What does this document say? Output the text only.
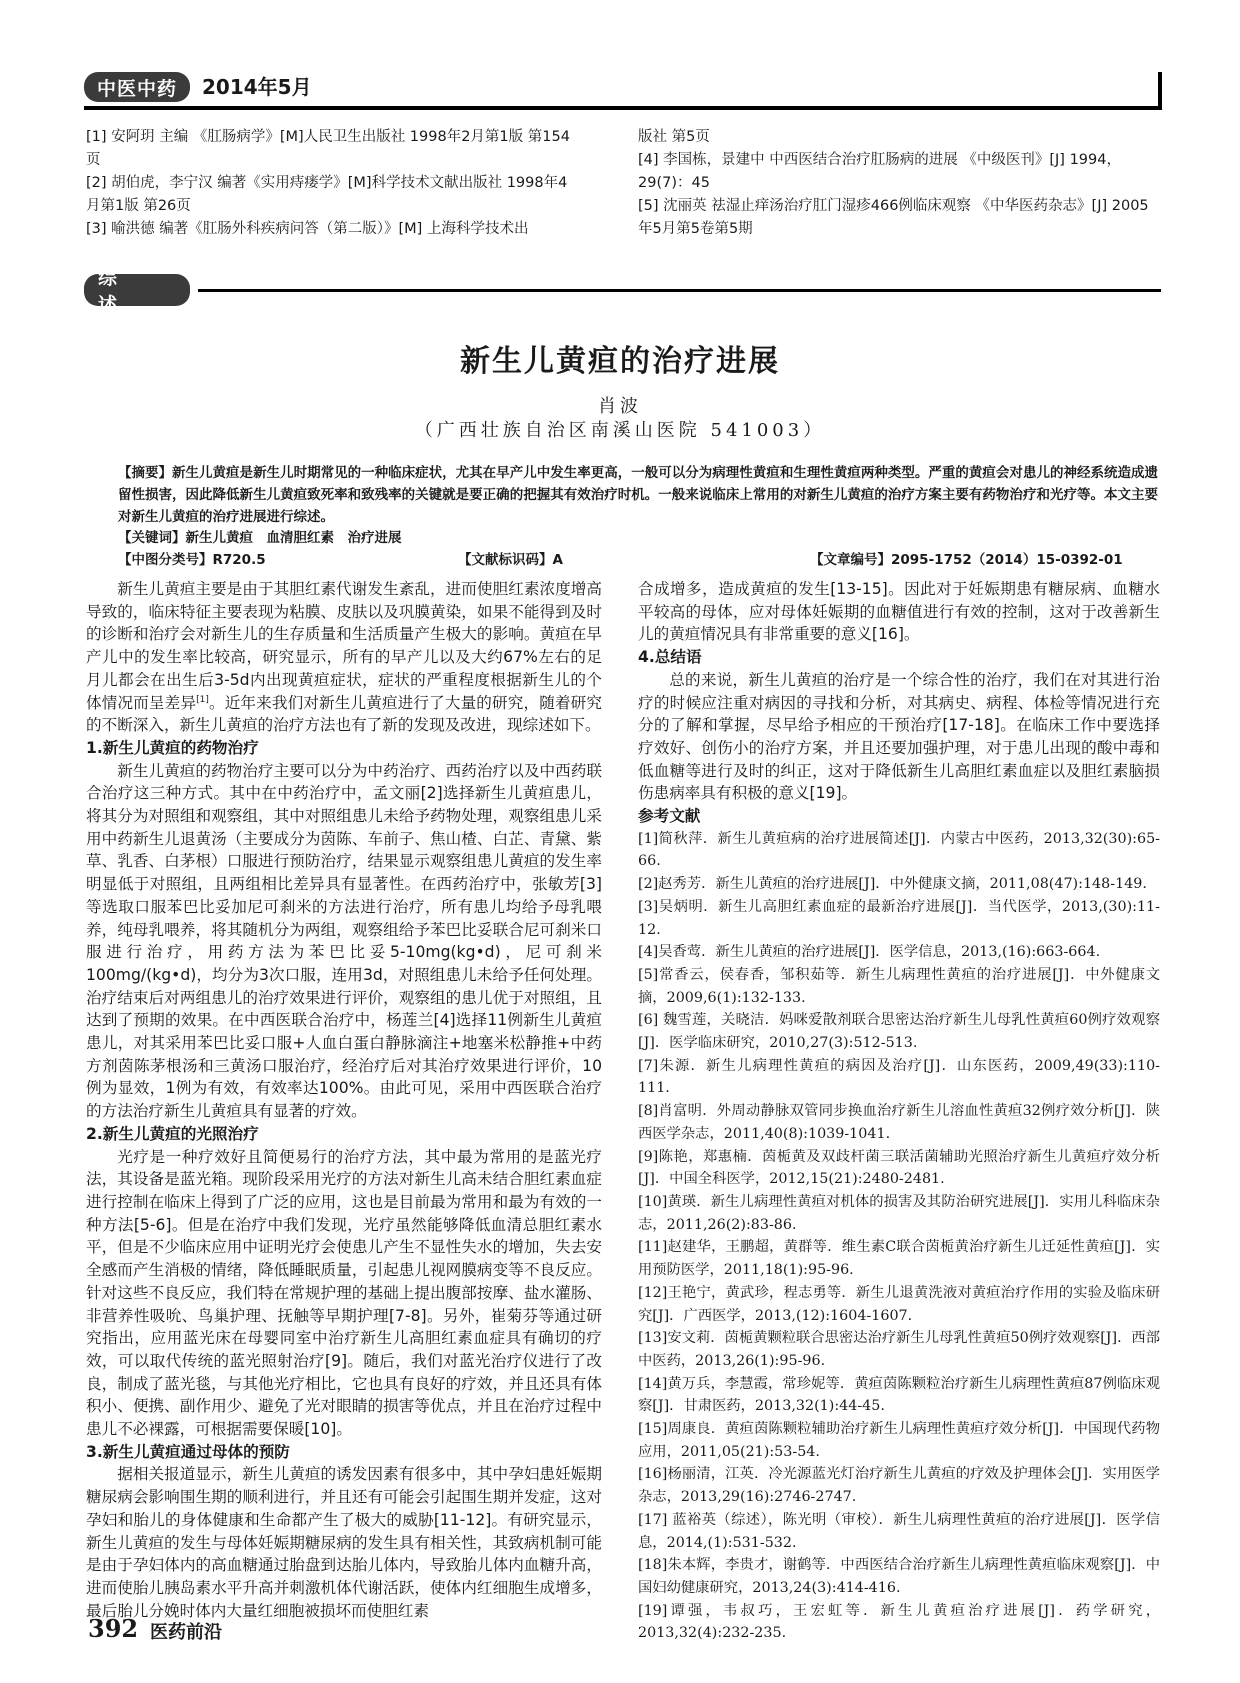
中医中药	2014年5月
[1] 安阿玥 主编 《肛肠病学》[M]人民卫生出版社 1998年2月第1版 第154页
[2] 胡伯虎，李宁汉 编著《实用痔瘘学》[M]科学技术文献出版社 1998年4月第1版 第26页
[3] 喻洪德 编著《肛肠外科疾病问答（第二版）》[M] 上海科学技术出
版社 第5页
[4] 李国栋，景建中 中西医结合治疗肛肠病的进展 《中级医刊》[J] 1994，29(7)：45
[5] 沈丽英 祛湿止痒汤治疗肛门湿疹466例临床观察 《中华医药杂志》[J] 2005年5月第5卷第5期
综述
新生儿黄疸的治疗进展
肖波
（广西壮族自治区南溪山医院 541003）
【摘要】新生儿黄疸是新生儿时期常见的一种临床症状，尤其在早产儿中发生率更高，一般可以分为病理性黄疸和生理性黄疸两种类型。严重的黄疸会对患儿的神经系统造成遗留性损害，因此降低新生儿黄疸致死率和致残率的关键就是要正确的把握其有效治疗时机。一般来说临床上常用的对新生儿黄疸的治疗方案主要有药物治疗和光疗等。本文主要对新生儿黄疸的治疗进展进行综述。
【关键词】新生儿黄疸　血清胆红素　治疗进展
【中图分类号】R720.5	【文献标识码】A	【文章编号】2095-1752（2014）15-0392-01

新生儿黄疸主要是由于其胆红素代谢发生紊乱，进而使胆红素浓度增高导致的，临床特征主要表现为粘膜、皮肤以及巩膜黄染，如果不能得到及时的诊断和治疗会对新生儿的生存质量和生活质量产生极大的影响。黄疸在早产儿中的发生率比较高，研究显示，所有的早产儿以及大约67%左右的足月儿都会在出生后3-5d内出现黄疸症状，症状的严重程度根据新生儿的个体情况而呈差异[1]。近年来我们对新生儿黄疸进行了大量的研究，随着研究的不断深入，新生儿黄疸的治疗方法也有了新的发现及改进，现综述如下。

1.新生儿黄疸的药物治疗

新生儿黄疸的药物治疗主要可以分为中药治疗、西药治疗以及中西药联合治疗这三种方式。其中在中药治疗中，孟文丽[2]选择新生儿黄疸患儿，将其分为对照组和观察组，其中对照组患儿未给予药物处理，观察组患儿采用中药新生儿退黄汤（主要成分为茵陈、车前子、焦山楂、白芷、青黛、紫草、乳香、白茅根）口服进行预防治疗，结果显示观察组患儿黄疸的发生率明显低于对照组，且两组相比差异具有显著性。在西药治疗中，张敏芳[3]等选取口服苯巴比妥加尼可刹米的方法进行治疗，所有患儿均给予母乳喂养，纯母乳喂养，将其随机分为两组，观察组给予苯巴比妥联合尼可刹米口服进行治疗，用药方法为苯巴比妥5-10mg(kg•d)，尼可刹米100mg/(kg•d)，均分为3次口服，连用3d，对照组患儿未给予任何处理。治疗结束后对两组患儿的治疗效果进行评价，观察组的患儿优于对照组，且达到了预期的效果。在中西医联合治疗中，杨莲兰[4]选择11例新生儿黄疸患儿，对其采用苯巴比妥口服+人血白蛋白静脉滴注+地塞米松静推+中药方剂茵陈茅根汤和三黄汤口服治疗，经治疗后对其治疗效果进行评价，10例为显效，1例为有效，有效率达100%。由此可见，采用中西医联合治疗的方法治疗新生儿黄疸具有显著的疗效。

2.新生儿黄疸的光照治疗

光疗是一种疗效好且简便易行的治疗方法，其中最为常用的是蓝光疗法，其设备是蓝光箱。现阶段采用光疗的方法对新生儿高未结合胆红素血症进行控制在临床上得到了广泛的应用，这也是目前最为常用和最为有效的一种方法[5-6]。但是在治疗中我们发现，光疗虽然能够降低血清总胆红素水平，但是不少临床应用中证明光疗会使患儿产生不显性失水的增加，失去安全感而产生消极的情绪，降低睡眠质量，引起患儿视网膜病变等不良反应。针对这些不良反应，我们特在常规护理的基础上提出腹部按摩、盐水灌肠、非营养性吸吮、鸟巢护理、抚触等早期护理[7-8]。另外，崔菊芬等通过研究指出，应用蓝光床在母婴同室中治疗新生儿高胆红素血症具有确切的疗效，可以取代传统的蓝光照射治疗[9]。随后，我们对蓝光治疗仪进行了改良，制成了蓝光毯，与其他光疗相比，它也具有良好的疗效，并且还具有体积小、便携、副作用少、避免了光对眼睛的损害等优点，并且在治疗过程中患儿不必裸露，可根据需要保暖[10]。

3.新生儿黄疸通过母体的预防

据相关报道显示，新生儿黄疸的诱发因素有很多中，其中孕妇患妊娠期糖尿病会影响围生期的顺利进行，并且还有可能会引起围生期并发症，这对孕妇和胎儿的身体健康和生命都产生了极大的威胁[11-12]。有研究显示，新生儿黄疸的发生与母体妊娠期糖尿病的发生具有相关性，其致病机制可能是由于孕妇体内的高血糖通过胎盘到达胎儿体内，导致胎儿体内血糖升高，进而使胎儿胰岛素水平升高并刺激机体代谢活跃，使体内红细胞生成增多，最后胎儿分娩时体内大量红细胞被损坏而使胆红素

合成增多，造成黄疸的发生[13-15]。因此对于妊娠期患有糖尿病、血糖水平较高的母体，应对母体妊娠期的血糖值进行有效的控制，这对于改善新生儿的黄疸情况具有非常重要的意义[16]。

4.总结语

总的来说，新生儿黄疸的治疗是一个综合性的治疗，我们在对其进行治疗的时候应注重对病因的寻找和分析，对其病史、病程、体检等情况进行充分的了解和掌握，尽早给予相应的干预治疗[17-18]。在临床工作中要选择疗效好、创伤小的治疗方案，并且还要加强护理，对于患儿出现的酸中毒和低血糖等进行及时的纠正，这对于降低新生儿高胆红素血症以及胆红素脑损伤患病率具有积极的意义[19]。

参考文献
[1]简秋萍．新生儿黄疸病的治疗进展简述[J]．内蒙古中医药，2013,32(30):65-66.
[2]赵秀芳．新生儿黄疸的治疗进展[J]．中外健康文摘，2011,08(47):148-149.
[3]吴炳明．新生儿高胆红素血症的最新治疗进展[J]．当代医学，2013,(30):11-12.
[4]吴香莺．新生儿黄疸的治疗进展[J]．医学信息，2013,(16):663-664.
[5]常香云，侯春香，邹积茹等．新生儿病理性黄疸的治疗进展[J]．中外健康文摘，2009,6(1):132-133.
[6] 魏雪莲，关晓洁．妈咪爱散剂联合思密达治疗新生儿母乳性黄疸60例疗效观察[J]．医学临床研究，2010,27(3):512-513.
[7]朱源．新生儿病理性黄疸的病因及治疗[J]．山东医药，2009,49(33):110-111.
[8]肖富明．外周动静脉双管同步换血治疗新生儿溶血性黄疸32例疗效分析[J]．陕西医学杂志，2011,40(8):1039-1041.
[9]陈艳，郑惠楠．茵栀黄及双歧杆菌三联活菌辅助光照治疗新生儿黄疸疗效分析[J]．中国全科医学，2012,15(21):2480-2481.
[10]黄瑛．新生儿病理性黄疸对机体的损害及其防治研究进展[J]．实用儿科临床杂志，2011,26(2):83-86.
[11]赵建华，王鹏超，黄群等．维生素C联合茵栀黄治疗新生儿迁延性黄疸[J]．实用预防医学，2011,18(1):95-96.
[12]王艳宁，黄武珍，程志勇等．新生儿退黄洗液对黄疸治疗作用的实验及临床研究[J]．广西医学，2013,(12):1604-1607.
[13]安文莉．茵栀黄颗粒联合思密达治疗新生儿母乳性黄疸50例疗效观察[J]．西部中医药，2013,26(1):95-96.
[14]黄万兵，李慧霞，常珍妮等．黄疸茵陈颗粒治疗新生儿病理性黄疸87例临床观察[J]．甘肃医药，2013,32(1):44-45.
[15]周康良．黄疸茵陈颗粒辅助治疗新生儿病理性黄疸疗效分析[J]．中国现代药物应用，2011,05(21):53-54.
[16]杨丽清，江英．冷光源蓝光灯治疗新生儿黄疸的疗效及护理体会[J]．实用医学杂志，2013,29(16):2746-2747.
[17] 蓝裕英（综述），陈光明（审校）．新生儿病理性黄疸的治疗进展[J]．医学信息，2014,(1):531-532.
[18]朱本辉，李贵才，谢鹤等．中西医结合治疗新生儿病理性黄疸临床观察[J]．中国妇幼健康研究，2013,24(3):414-416.
[19]谭强，韦叔巧，王宏虹等．新生儿黄疸治疗进展[J]．药学研究，2013,32(4):232-235.
392 医药前沿
